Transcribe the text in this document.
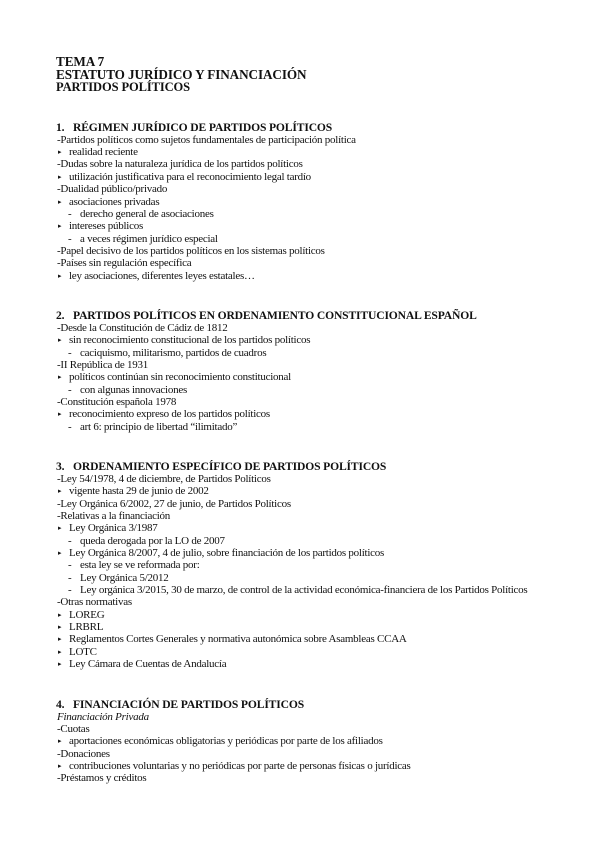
TEMA 7
ESTATUTO JURÍDICO Y FINANCIACIÓN
PARTIDOS POLÍTICOS
1. RÉGIMEN JURÍDICO DE PARTIDOS POLÍTICOS
-Partidos políticos como sujetos fundamentales de participación política
▸ realidad reciente
-Dudas sobre la naturaleza jurídica de los partidos políticos
▸ utilización justificativa para el reconocimiento legal tardío
-Dualidad público/privado
▸ asociaciones privadas
- derecho general de asociaciones
▸ intereses públicos
- a veces régimen jurídico especial
-Papel decisivo de los partidos políticos en los sistemas políticos
-Países sin regulación específica
▸ ley asociaciones, diferentes leyes estatales…
2. PARTIDOS POLÍTICOS EN ORDENAMIENTO CONSTITUCIONAL ESPAÑOL
-Desde la Constitución de Cádiz de 1812
▸ sin reconocimiento constitucional de los partidos políticos
- caciquismo, militarismo, partidos de cuadros
-II República de 1931
▸ políticos continúan sin reconocimiento constitucional
- con algunas innovaciones
-Constitución española 1978
▸ reconocimiento expreso de los partidos políticos
- art 6: principio de libertad “ilimitado”
3. ORDENAMIENTO ESPECÍFICO DE PARTIDOS POLÍTICOS
-Ley 54/1978, 4 de diciembre, de Partidos Políticos
▸ vigente hasta 29 de junio de 2002
-Ley Orgánica 6/2002, 27 de junio, de Partidos Políticos
-Relativas a la financiación
▸ Ley Orgánica 3/1987
- queda derogada por la LO de 2007
▸ Ley Orgánica 8/2007, 4 de julio, sobre financiación de los partidos políticos
- esta ley se ve reformada por:
- Ley Orgánica 5/2012
- Ley orgánica 3/2015, 30 de marzo, de control de la actividad económica-financiera de los Partidos Políticos
-Otras normativas
▸ LOREG
▸ LRBRL
▸ Reglamentos Cortes Generales y normativa autonómica sobre Asambleas CCAA
▸ LOTC
▸ Ley Cámara de Cuentas de Andalucía
4. FINANCIACIÓN DE PARTIDOS POLÍTICOS
Financiación Privada
-Cuotas
▸ aportaciones económicas obligatorias y periódicas por parte de los afiliados
-Donaciones
▸ contribuciones voluntarias y no periódicas por parte de personas físicas o jurídicas
-Préstamos y créditos
